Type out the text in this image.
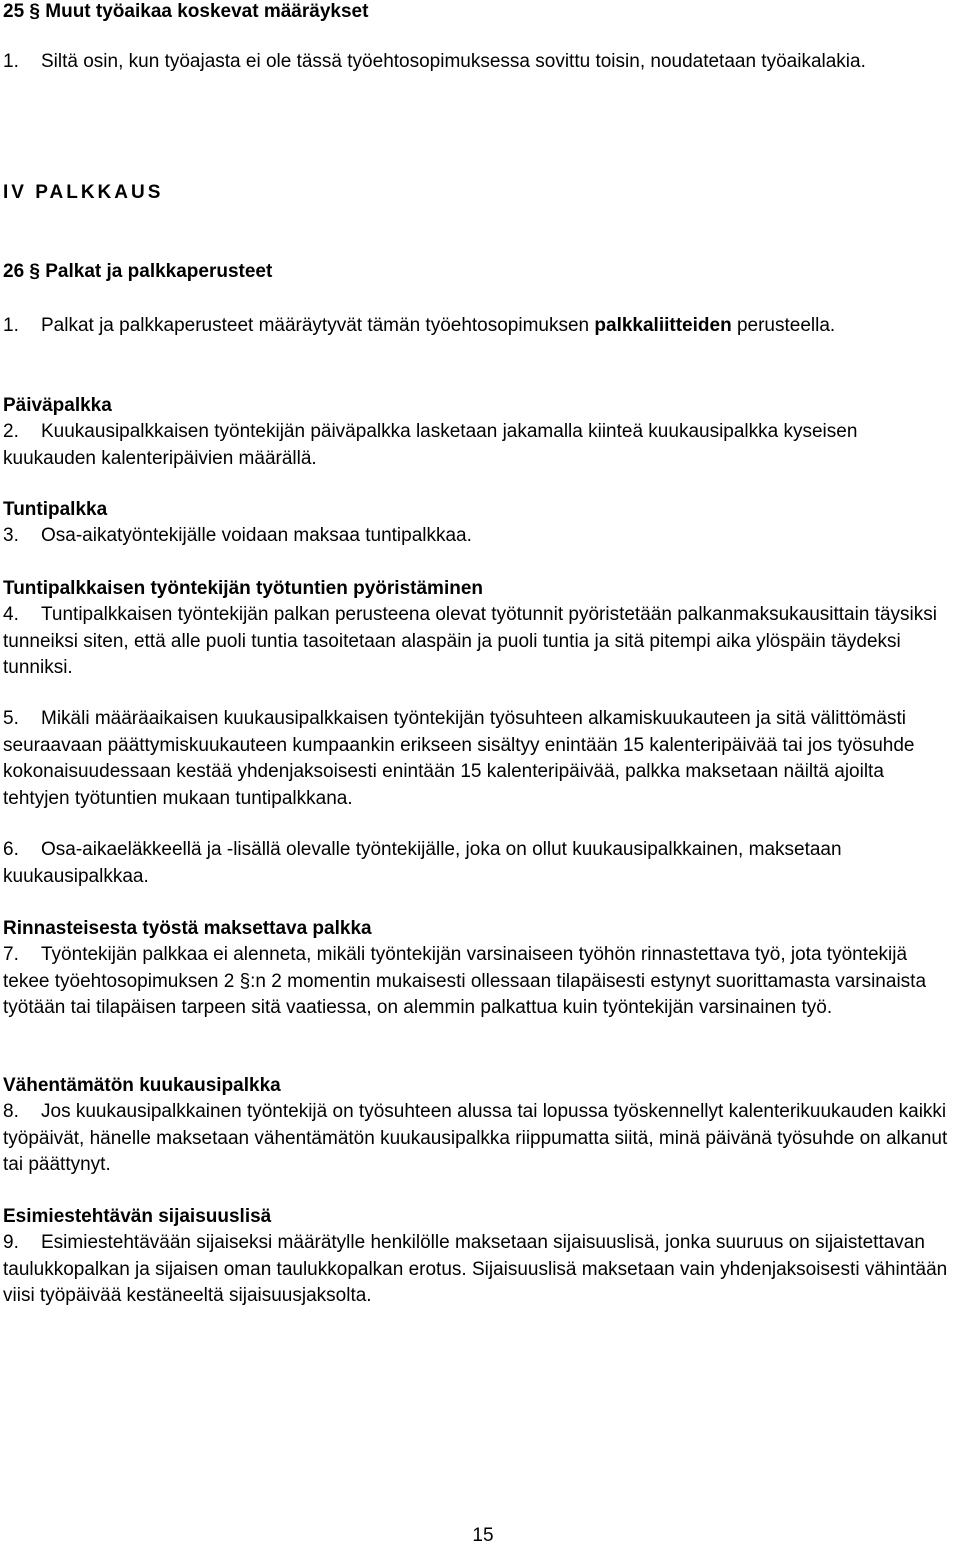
25 § Muut työaikaa koskevat määräykset

1. Siltä osin, kun työajasta ei ole tässä työehtosopimuksessa sovittu toisin, noudatetaan työaikalakia.

IV PALKKAUS
26 § Palkat ja palkkaperusteet

1. Palkat ja palkkaperusteet määräytyvät tämän työehtosopimuksen palkkaliitteiden perusteella.

Päiväpalkka

2. Kuukausipalkkaisen työntekijän päiväpalkka lasketaan jakamalla kiinteä kuukausipalkka kyseisen kuukauden kalenteripäivien määrällä.

Tuntipalkka

3. Osa-aikatyöntekijälle voidaan maksaa tuntipalkkaa.

Tuntipalkkaisen työntekijän työtuntien pyöristäminen

4. Tuntipalkkaisen työntekijän palkan perusteena olevat työtunnit pyöristetään palkanmaksukausittain täysiksi tunneiksi siten, että alle puoli tuntia tasoitetaan alaspäin ja puoli tuntia ja sitä pitempi aika ylöspäin täydeksi tunniksi.

5. Mikäli määräaikaisen kuukausipalkkaisen työntekijän työsuhteen alkamiskuukauteen ja sitä välittömästi seuraavaan päättymiskuukauteen kumpaankin erikseen sisältyy enintään 15 kalenteripäivää tai jos työsuhde kokonaisuudessaan kestää yhdenjaksoisesti enintään 15 kalenteripäivää, palkka maksetaan näiltä ajoilta tehtyjen työtuntien mukaan tuntipalkkana.

6. Osa-aikaeläkkeellä ja -lisällä olevalle työntekijälle, joka on ollut kuukausipalkkainen, maksetaan kuukausipalkkaa.

Rinnasteisesta työstä maksettava palkka

7. Työntekijän palkkaa ei alenneta, mikäli työntekijän varsinaiseen työhön rinnastettava työ, jota työntekijä tekee työehtosopimuksen 2 §:n 2 momentin mukaisesti ollessaan tilapäisesti estynyt suorittamasta varsinaista työtään tai tilapäisen tarpeen sitä vaatiessa, on alemmin palkattua kuin työntekijän varsinainen työ.

Vähentämätön kuukausipalkka

8. Jos kuukausipalkkainen työntekijä on työsuhteen alussa tai lopussa työskennellyt kalenterikuukauden kaikki työpäivät, hänelle maksetaan vähentämätön kuukausipalkka riippumatta siitä, minä päivänä työsuhde on alkanut tai päättynyt.

Esimiestehtävän sijaisuuslisä

9. Esimiestehtävään sijaiseksi määrätylle henkilölle maksetaan sijaisuuslisä, jonka suuruus on sijaistettavan taulukkopalkan ja sijaisen oman taulukkopalkan erotus. Sijaisuuslisä maksetaan vain yhdenjaksoisesti vähintään viisi työpäivää kestäneeltä sijaisuusjaksolta.

15
